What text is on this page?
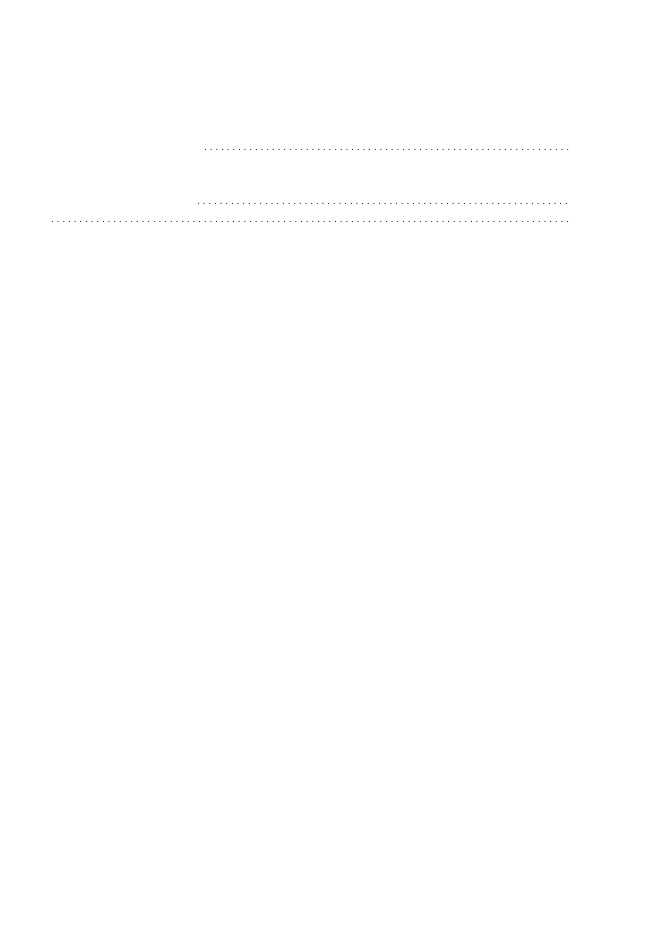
. . .
. . .
. . .
